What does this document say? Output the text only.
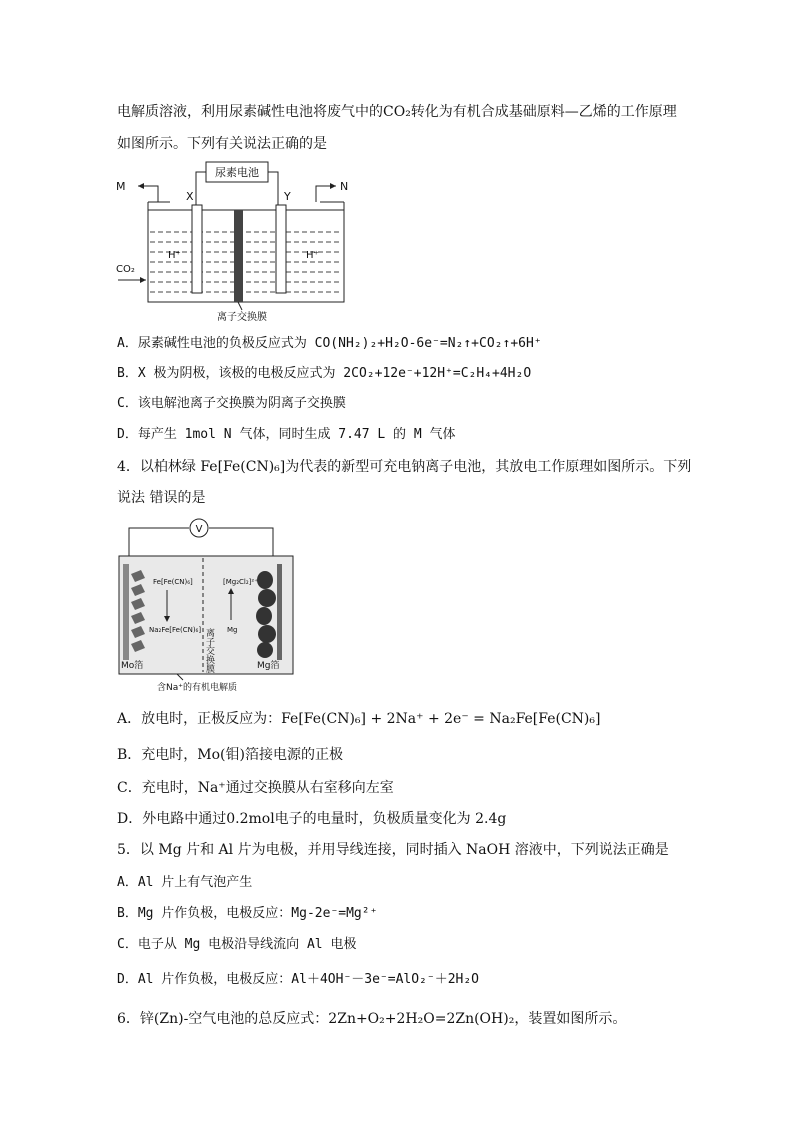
电解质溶液，利用尿素碱性电池将废气中的CO₂转化为有机合成基础原料—乙烯的工作原理
如图所示。下列有关说法正确的是
尿素电池
X	Y
M	N
离子交换膜
H⁺	H⁺
CO₂
A．尿素碱性电池的负极反应式为 CO(NH₂)₂+H₂O-6e⁻=N₂↑+CO₂↑+6H⁺
B．X 极为阴极，该极的电极反应式为 2CO₂+12e⁻+12H⁺=C₂H₄+4H₂O
C．该电解池离子交换膜为阴离子交换膜
D．每产生 1mol N 气体，同时生成 7.47 L 的 M 气体
4．以柏林绿 Fe[Fe(CN)₆]为代表的新型可充电钠离子电池，其放电工作原理如图所示。下列
说法 错误的是
V
离子交换膜
Fe[Fe(CN)₆]
Na₂Fe[Fe(CN)₆]
[Mg₂Cl₂]²⁺
Mg
Mo箔	Mg箔
含Na⁺的有机电解质
A．放电时，正极反应为：Fe[Fe(CN)₆] + 2Na⁺ + 2e⁻ = Na₂Fe[Fe(CN)₆]
B．充电时，Mo(钼)箔接电源的正极
C．充电时，Na⁺通过交换膜从右室移向左室
D．外电路中通过0.2mol电子的电量时，负极质量变化为 2.4g
5．以 Mg 片和 Al 片为电极，并用导线连接，同时插入 NaOH 溶液中，下列说法正确是
A．Al 片上有气泡产生
B．Mg 片作负极，电极反应：Mg-2e⁻=Mg²⁺
C．电子从 Mg 电极沿导线流向 Al 电极
D．Al 片作负极，电极反应：Al＋4OH⁻－3e⁻=AlO₂⁻＋2H₂O
6．锌(Zn)-空气电池的总反应式：2Zn+O₂+2H₂O=2Zn(OH)₂，装置如图所示。
